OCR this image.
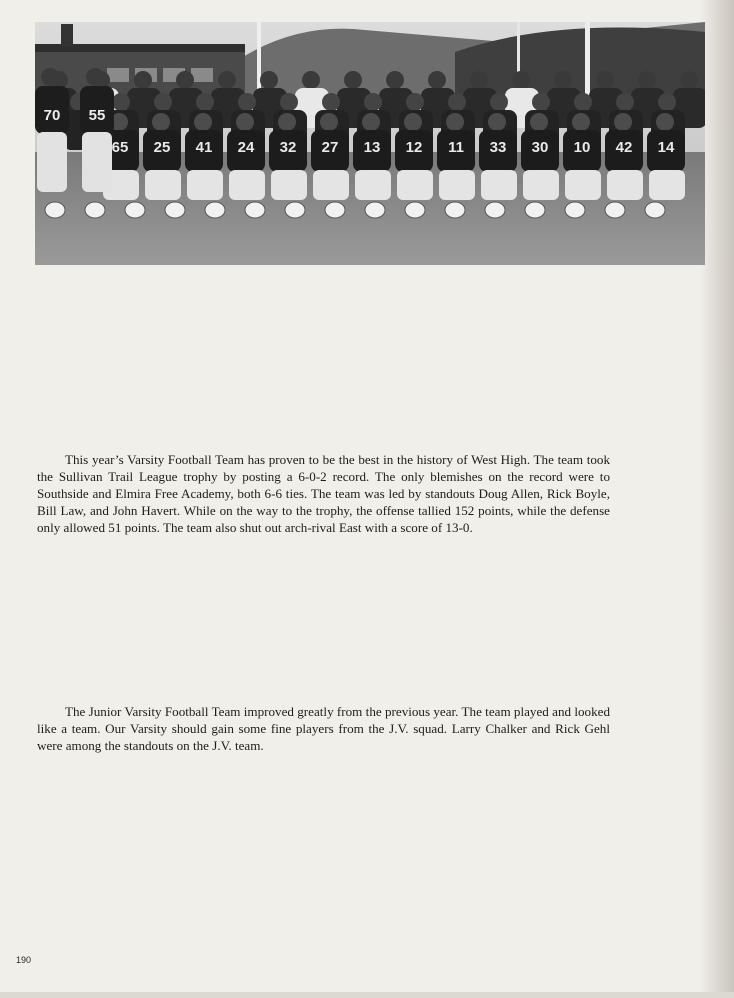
65 25 41 24 32 27 13 12 11 33 30 10 42 14
70 55

This year’s Varsity Football Team has proven to be the best in the history of West High. The team took the Sullivan Trail League trophy by posting a 6-0-2 record. The only blemishes on the record were to Southside and Elmira Free Academy, both 6-6 ties. The team was led by standouts Doug Allen, Rick Boyle, Bill Law, and John Havert. While on the way to the trophy, the offense tallied 152 points, while the defense only allowed 51 points. The team also shut out arch-rival East with a score of 13-0.

The Junior Varsity Football Team improved greatly from the previous year. The team played and looked like a team. Our Varsity should gain some fine players from the J.V. squad. Larry Chalker and Rick Gehl were among the standouts on the J.V. team.

190
